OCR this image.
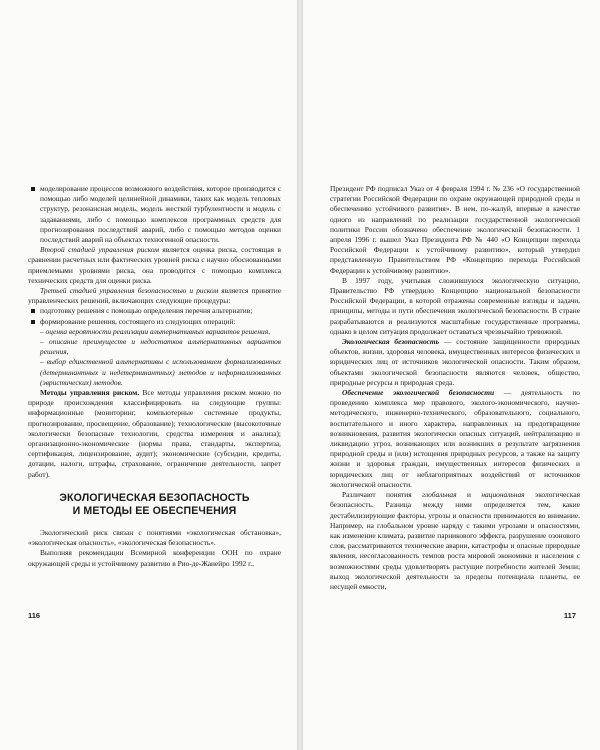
моделирование процессов возможного воздействия, которое производится с помощью либо моделей целинейной динамики, таких как модель тепловых структур, резонансная модель, модель жесткой турбулентности и модель с задаваниями, либо с помощью комплексов программных средств для прогнозирования последствий аварий, либо с помощью методов оценки последствий аварий на объектах техногенной опасности.

Второй стадией управления риском является оценка риска, состоящая в сравнении расчетных или фактических уровней риска с научно обоснованными приемлемыми уровнями риска, она проводится с помощью комплекса технических средств для оценки риска.

Третьей стадией управления безопасностью и риском является принятие управленческих решений, включающих следующие процедуры:

подготовку решения с помощью определения перечня альтернатив;

формирование решения, состоящего из следующих операций:

– оценка вероятности реализации альтернативных вариантов решения,

– описание преимуществ и недостатков альтернативных вариантов решения,

– выбор единственной альтернативы с использованием формализованных (детерминантных и недетерминантных) методов и неформализованных (эвристических) методов.

Методы управления риском. Все методы управления риском можно по природе происхождения классифицировать на следующие группы: информационные (мониторинг, компьютерные системные продукты, прогнозирование, просвещение, образование); технологические (высокоточные экологически безопасные технологии, средства измерения и анализа); организационно-экономические (нормы права, стандарты, экспертиза, сертификация, лицензирование, аудит); экономические (субсидии, кредиты, дотации, налоги, штрафы, страхование, ограничение деятельности, запрет работ).

ЭКОЛОГИЧЕСКАЯ БЕЗОПАСНОСТЬ
И МЕТОДЫ ЕЕ ОБЕСПЕЧЕНИЯ

Экологический риск связан с понятиями «экологическая обстановка», «экологическая опасность», «экологическая безопасность».

Выполняя рекомендации Всемирной конференции ООН по охране окружающей среды и устойчивому развитию в Рио-де-Жанейро 1992 г.,

Президент РФ подписал Указ от 4 февраля 1994 г. № 236 «О государственной стратегии Российской Федерации по охране окружающей природной среды и обеспечению устойчивого развития». В нем, по-жалуй, впервые в качестве одного из направлений по реализации государственной экологической политики России обозначено обеспечение экологической безопасности. 1 апреля 1996 г. вышел Указ Президента РФ № 440 «О Концепции перехода Российской Федерации к устойчивому развитию», который утвердил представленную Правительством РФ «Концепцию перехода Российской Федерации к устойчивому развитию».

В 1997 году, учитывая сложившуюся экологическую ситуацию, Правительство РФ утвердило Концепцию национальной безопасности Российской Федерации, в которой отражены современные взгляды и задачи, принципы, методы и пути обеспечения экологической безопасности. В стране разрабатываются и реализуются масштабные государственные программы, однако в целом ситуация продолжает оставаться чрезвычайно тревожной.

Экологическая безопасность — состояние защищенности природных объектов, жизни, здоровья человека, имущественных интересов физических и юридических лиц от источников экологической опасности. Таким образом, объектами экологической безопасности являются человек, общество, природные ресурсы и природная среда.

Обеспечение экологической безопасности — деятельность по проведению комплекса мер правового, эколого-экономического, научно-методического, инженерно-технического, образовательного, социального, воспитательного и иного характера, направленных на предотвращение возникновения, развития экологически опасных ситуаций, нейтрализацию и ликвидацию угроз, возникающих или возникших в результате загрязнения природной среды и (или) истощения природных ресурсов, а также на защиту жизни и здоровья граждан, имущественных интересов физических и юридических лиц от неблагоприятных воздействий от источников экологической опасности.

Различают понятия глобальная и национальная экологическая безопасность. Разница между ними определяется тем, какие дестабилизирующие факторы, угрозы и опасности принимаются во внимание. Например, на глобальном уровне наряду с такими угрозами и опасностями, как изменение климата, развитие парникового эффекта, разрушение озонового слоя, рассматриваются технические аварии, катастрофы и опасные природные явления, несогласованность темпов роста мировой экономики и населения с возможностями среды удовлетворять растущие потребности жителей Земли; выход экологической деятельности за пределы потенциала планеты, ее несущей емкости,

116	117
